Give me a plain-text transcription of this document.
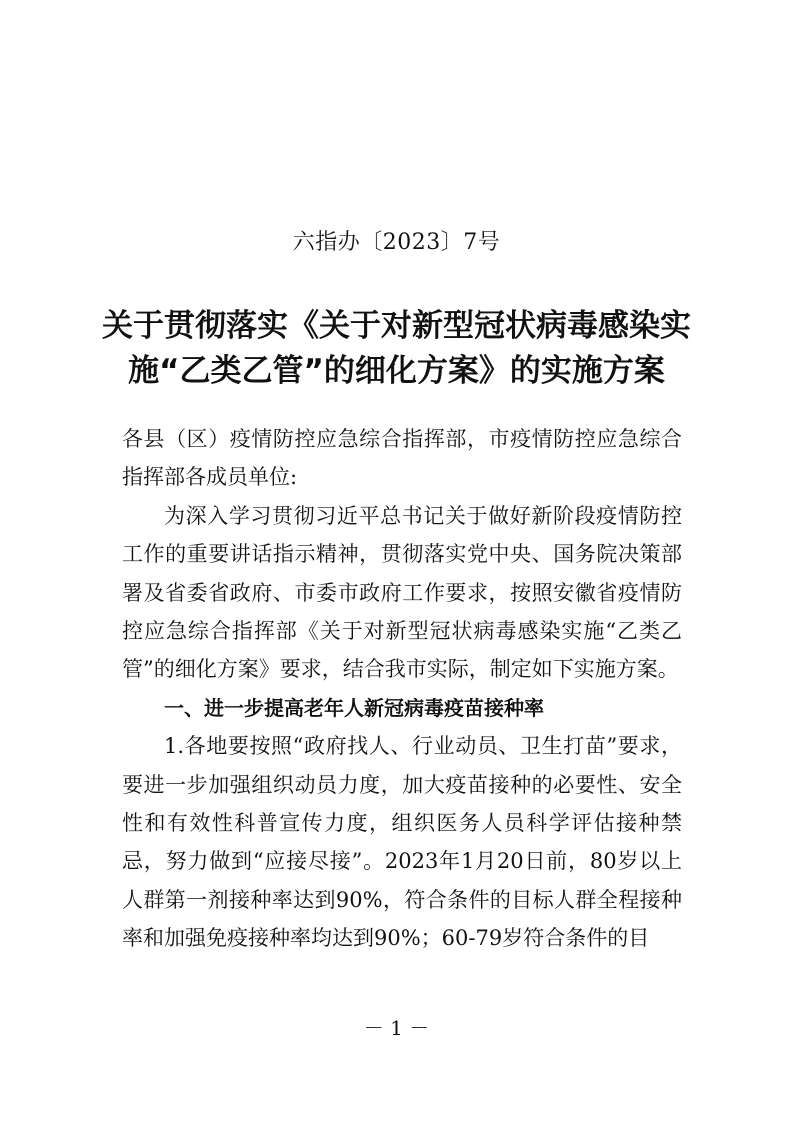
六指办〔2023〕7号
关于贯彻落实《关于对新型冠状病毒感染实
施“乙类乙管”的细化方案》的实施方案

各县（区）疫情防控应急综合指挥部，市疫情防控应急综合指挥部各成员单位:

为深入学习贯彻习近平总书记关于做好新阶段疫情防控工作的重要讲话指示精神，贯彻落实党中央、国务院决策部署及省委省政府、市委市政府工作要求，按照安徽省疫情防控应急综合指挥部《关于对新型冠状病毒感染实施“乙类乙管”的细化方案》要求，结合我市实际，制定如下实施方案。

一、进一步提高老年人新冠病毒疫苗接种率

1.各地要按照“政府找人、行业动员、卫生打苗”要求，要进一步加强组织动员力度，加大疫苗接种的必要性、安全性和有效性科普宣传力度，组织医务人员科学评估接种禁忌，努力做到“应接尽接”。2023年1月20日前，80岁以上人群第一剂接种率达到90%，符合条件的目标人群全程接种率和加强免疫接种率均达到90%；60-79岁符合条件的目

－ 1 －
